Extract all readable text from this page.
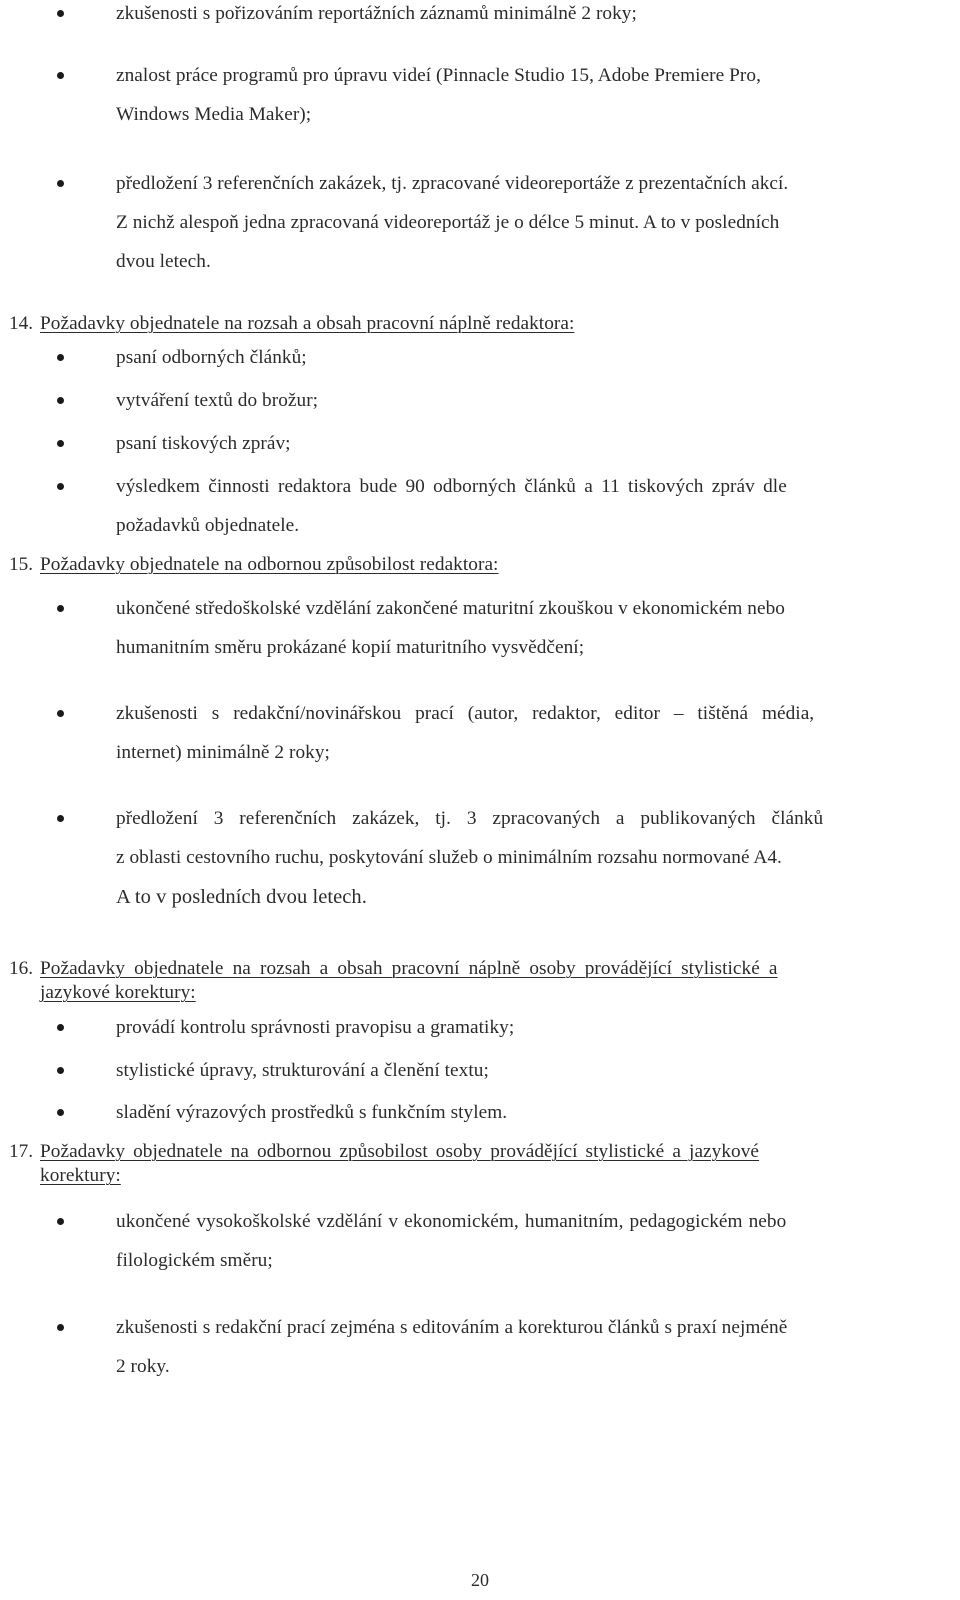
zkušenosti s pořizováním reportážních záznamů minimálně 2 roky;
znalost práce programů pro úpravu videí (Pinnacle Studio 15, Adobe Premiere Pro,
Windows Media Maker);
předložení 3 referenčních zakázek, tj. zpracované videoreportáže z prezentačních akcí.
Z nichž alespoň jedna zpracovaná videoreportáž je o délce 5 minut. A to v posledních
dvou letech.
14. Požadavky objednatele na rozsah a obsah pracovní náplně redaktora:
psaní odborných článků;
vytváření textů do brožur;
psaní tiskových zpráv;
výsledkem činnosti redaktora bude 90 odborných článků a 11 tiskových zpráv dle
požadavků objednatele.
15. Požadavky objednatele na odbornou způsobilost redaktora:
ukončené středoškolské vzdělání zakončené maturitní zkouškou v ekonomickém nebo
humanitním směru prokázané kopií maturitního vysvědčení;
zkušenosti s redakční/novinářskou prací (autor, redaktor, editor – tištěná média,
internet) minimálně 2 roky;
předložení 3 referenčních zakázek, tj. 3 zpracovaných a publikovaných článků
z oblasti cestovního ruchu, poskytování služeb o minimálním rozsahu normované A4.
A to v posledních dvou letech.
16. Požadavky objednatele na rozsah a obsah pracovní náplně osoby provádějící stylistické a
jazykové korektury:
provádí kontrolu správnosti pravopisu a gramatiky;
stylistické úpravy, strukturování a členění textu;
sladění výrazových prostředků s funkčním stylem.
17. Požadavky objednatele na odbornou způsobilost osoby provádějící stylistické a jazykové
korektury:
ukončené vysokoškolské vzdělání v ekonomickém, humanitním, pedagogickém nebo
filologickém směru;
zkušenosti s redakční prací zejména s editováním a korekturou článků s praxí nejméně
2 roky.
20
